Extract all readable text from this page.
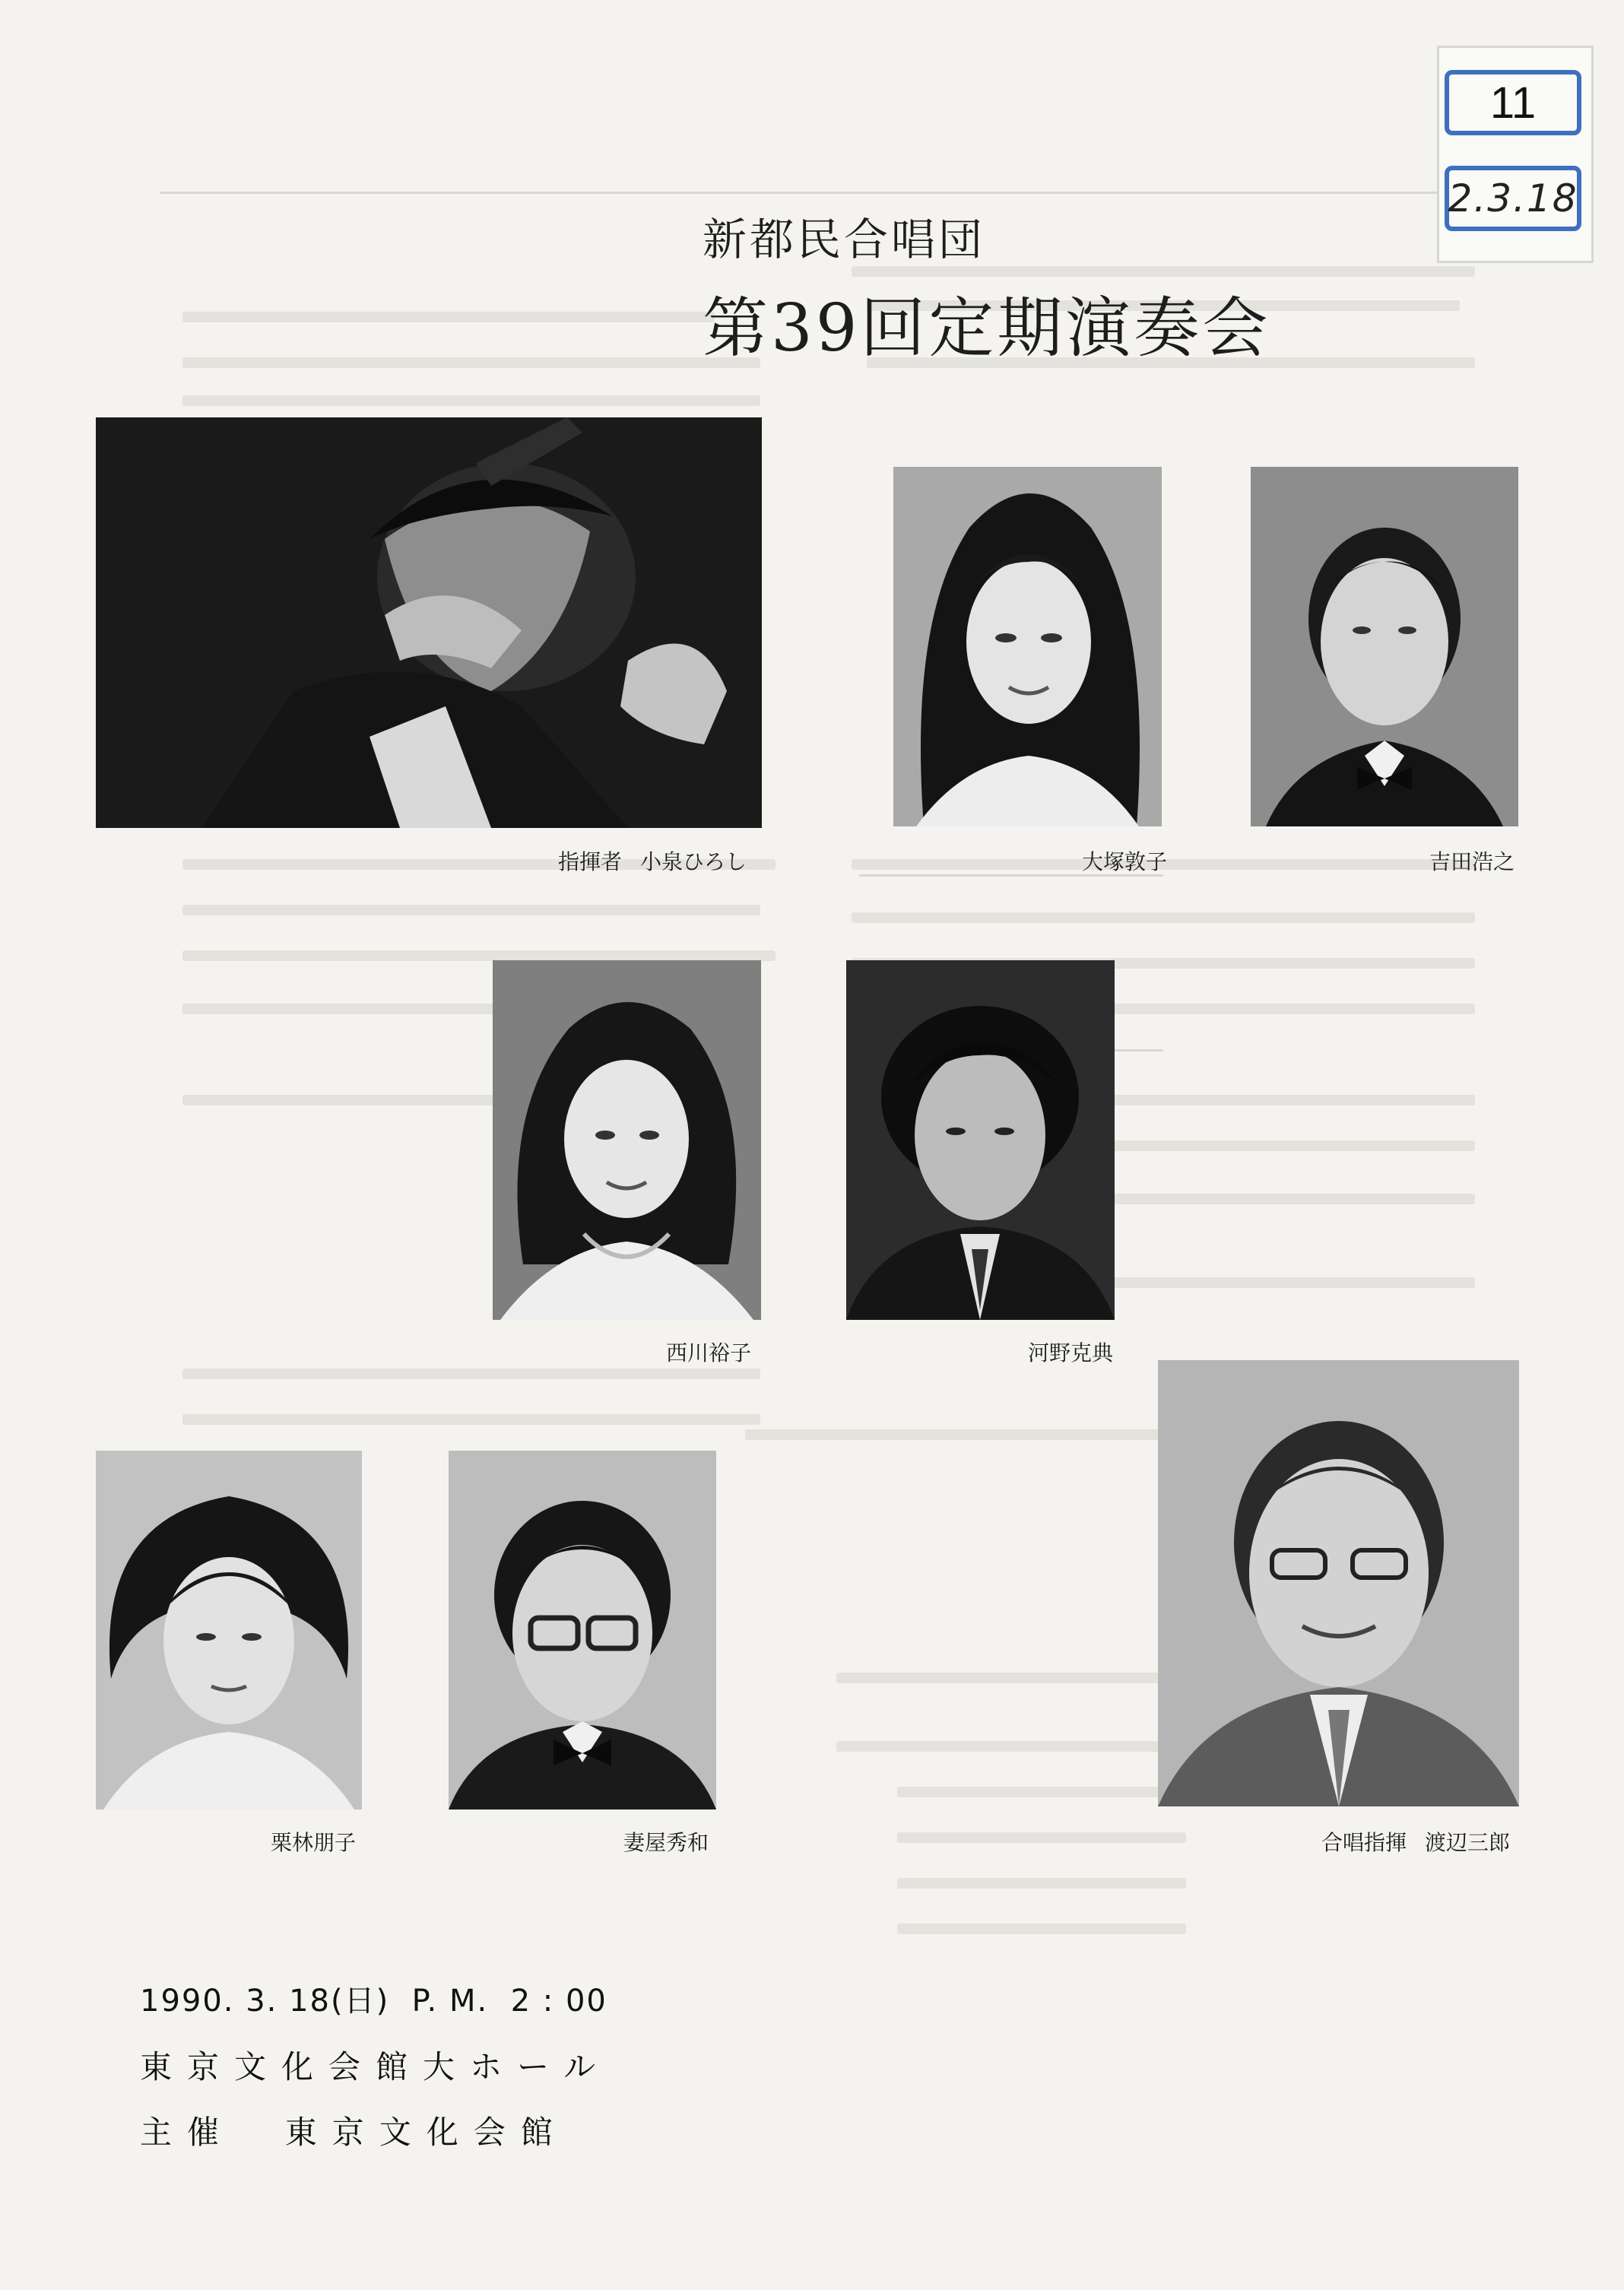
11
2.3.18
新都民合唱団
第39回定期演奏会
指揮者 小泉ひろし	大塚敦子	吉田浩之
西川裕子	河野克典
合唱指揮 渡辺三郎
栗林朋子	妻屋秀和
1990. 3. 18(日)  P. M.  2 : 00
東京文化会館大ホール
主催  東京文化会館
